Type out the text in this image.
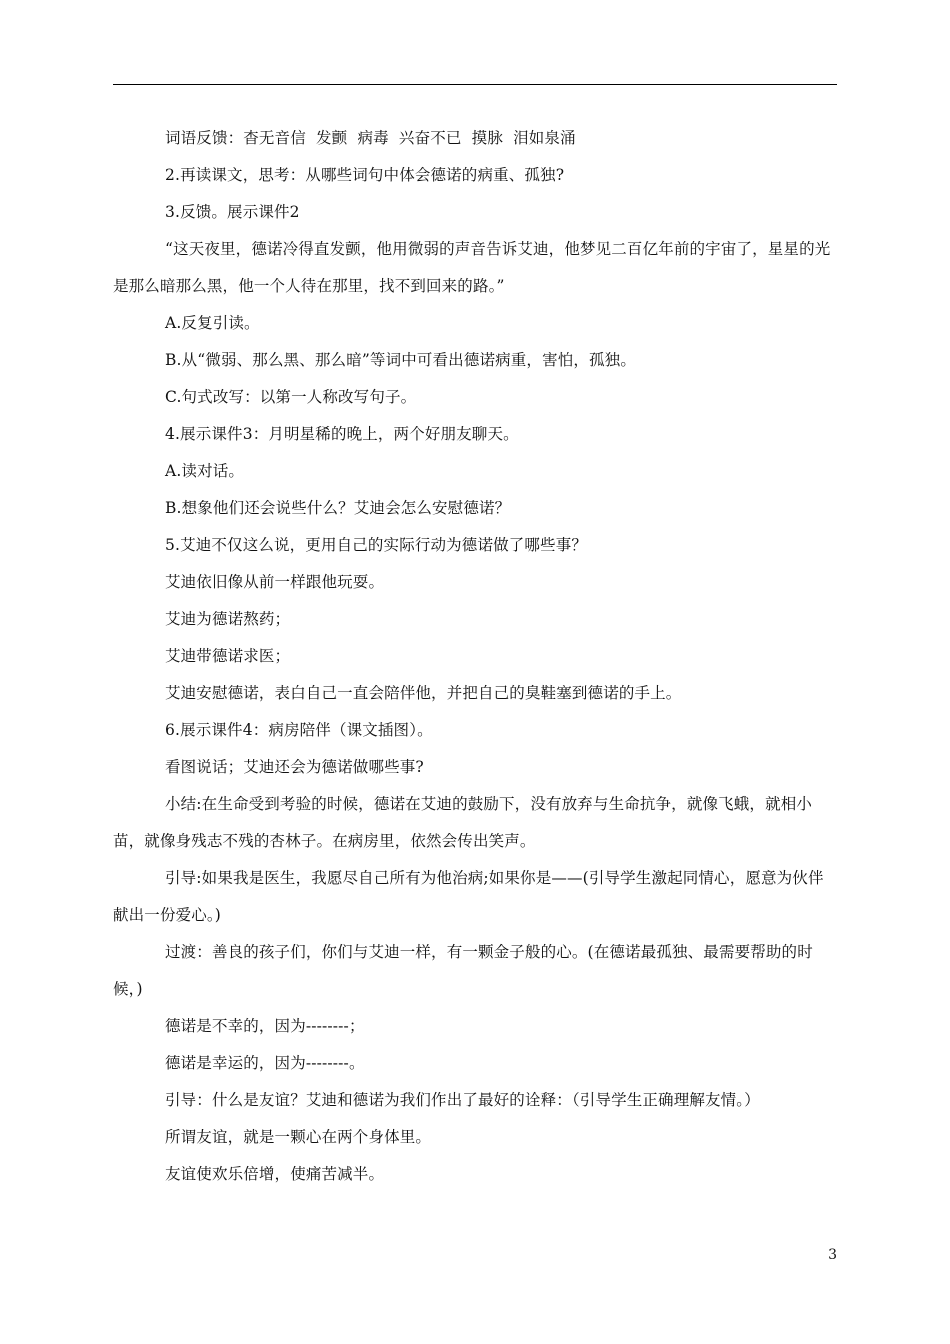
词语反馈：杳无音信  发颤  病毒  兴奋不已  摸脉  泪如泉涌

2.再读课文，思考：从哪些词句中体会德诺的病重、孤独?

3.反馈。展示课件2

“这天夜里，德诺冷得直发颤，他用微弱的声音告诉艾迪，他梦见二百亿年前的宇宙了，星星的光是那么暗那么黑，他一个人待在那里，找不到回来的路。”

A.反复引读。

B.从“微弱、那么黑、那么暗”等词中可看出德诺病重，害怕，孤独。

C.句式改写：以第一人称改写句子。

4.展示课件3：月明星稀的晚上，两个好朋友聊天。

A.读对话。

B.想象他们还会说些什么？艾迪会怎么安慰德诺？

5.艾迪不仅这么说，更用自己的实际行动为德诺做了哪些事？

艾迪依旧像从前一样跟他玩耍。

艾迪为德诺熬药；

艾迪带德诺求医；

艾迪安慰德诺，表白自己一直会陪伴他，并把自己的臭鞋塞到德诺的手上。

6.展示课件4：病房陪伴（课文插图）。

看图说话；艾迪还会为德诺做哪些事?

小结:在生命受到考验的时候，德诺在艾迪的鼓励下，没有放弃与生命抗争，就像飞蛾，就相小苗，就像身残志不残的杏林子。在病房里，依然会传出笑声。

引导:如果我是医生，我愿尽自己所有为他治病;如果你是——(引导学生激起同情心，愿意为伙伴献出一份爱心。)

过渡：善良的孩子们，你们与艾迪一样，有一颗金子般的心。(在德诺最孤独、最需要帮助的时候，)

德诺是不幸的，因为--------；

德诺是幸运的，因为--------。

引导：什么是友谊？艾迪和德诺为我们作出了最好的诠释：（引导学生正确理解友情。）

所谓友谊，就是一颗心在两个身体里。

友谊使欢乐倍增，使痛苦减半。

3
